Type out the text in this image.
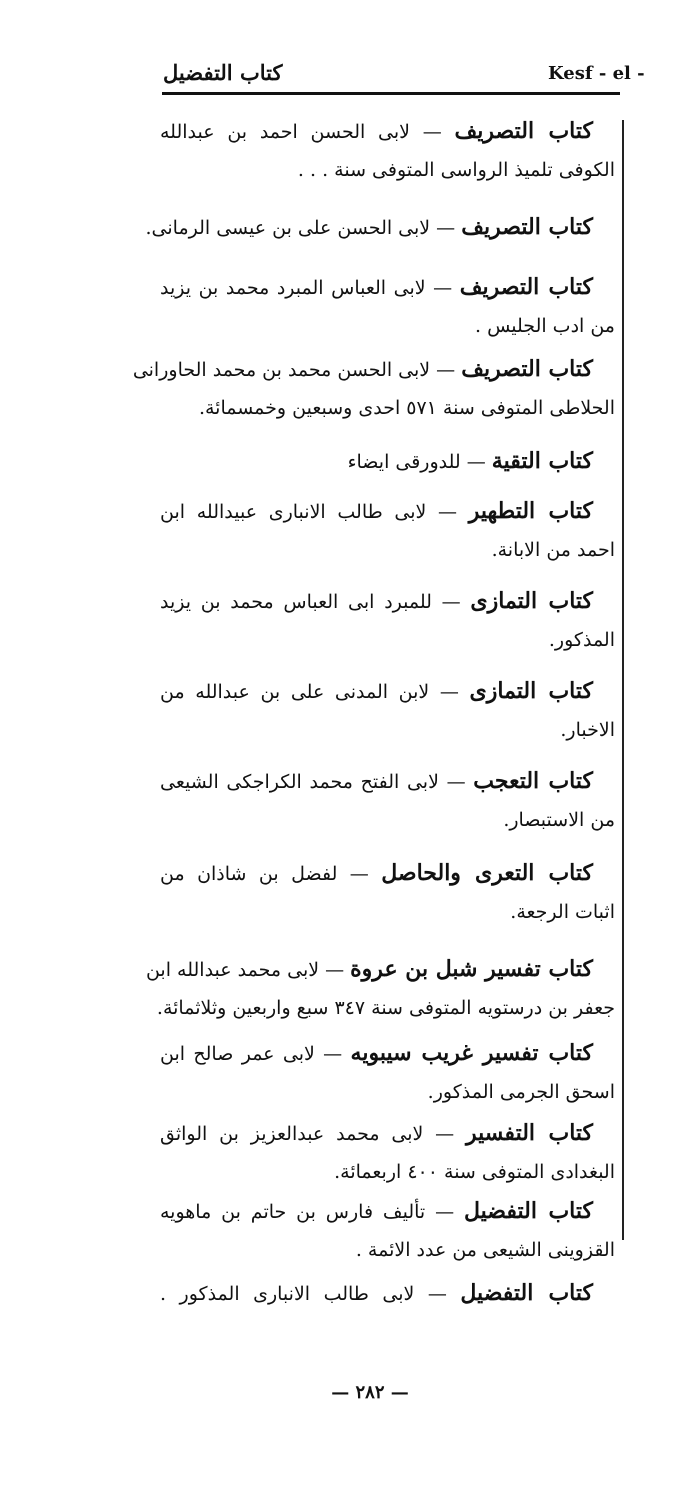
كتاب التفضيل	Kesf - el -
كتاب التصريف — لابى الحسن احمد بن عبدالله
الكوفى تلميذ الرواسى المتوفى سنة . . .
كتاب التصريف — لابى الحسن على بن عيسى الرمانى.
كتاب التصريف — لابى العباس المبرد محمد بن يزيد
من ادب الجليس .
كتاب التصريف — لابى الحسن محمد بن محمد الحاورانى
الحلاطى المتوفى سنة ٥٧١ احدى وسبعين وخمسمائة.
كتاب التقية — للدورقى ايضاء
كتاب التطهير — لابى طالب الانبارى عبيدالله ابن
احمد من الابانة.
كتاب التمازى — للمبرد ابى العباس محمد بن يزيد
المذكور.
كتاب التمازى — لابن المدنى على بن عبدالله من
الاخبار.
كتاب التعجب — لابى الفتح محمد الكراجكى الشيعى
من الاستبصار.
كتاب التعرى والحاصل — لفضل بن شاذان من
اثبات الرجعة.
كتاب تفسير شبل بن عروة — لابى محمد عبدالله ابن
جعفر بن درستويه المتوفى سنة ٣٤٧ سبع واربعين وثلاثمائة.
كتاب تفسير غريب سيبويه — لابى عمر صالح ابن
اسحق الجرمى المذكور.
كتاب التفسير — لابى محمد عبدالعزيز بن الواثق
البغدادى المتوفى سنة ٤٠٠ اربعمائة.
كتاب التفضيل — تأليف فارس بن حاتم بن ماهويه
القزوينى الشيعى من عدد الائمة .
كتاب التفضيل — لابى طالب الانبارى المذكور .
— ٢٨٢ —
